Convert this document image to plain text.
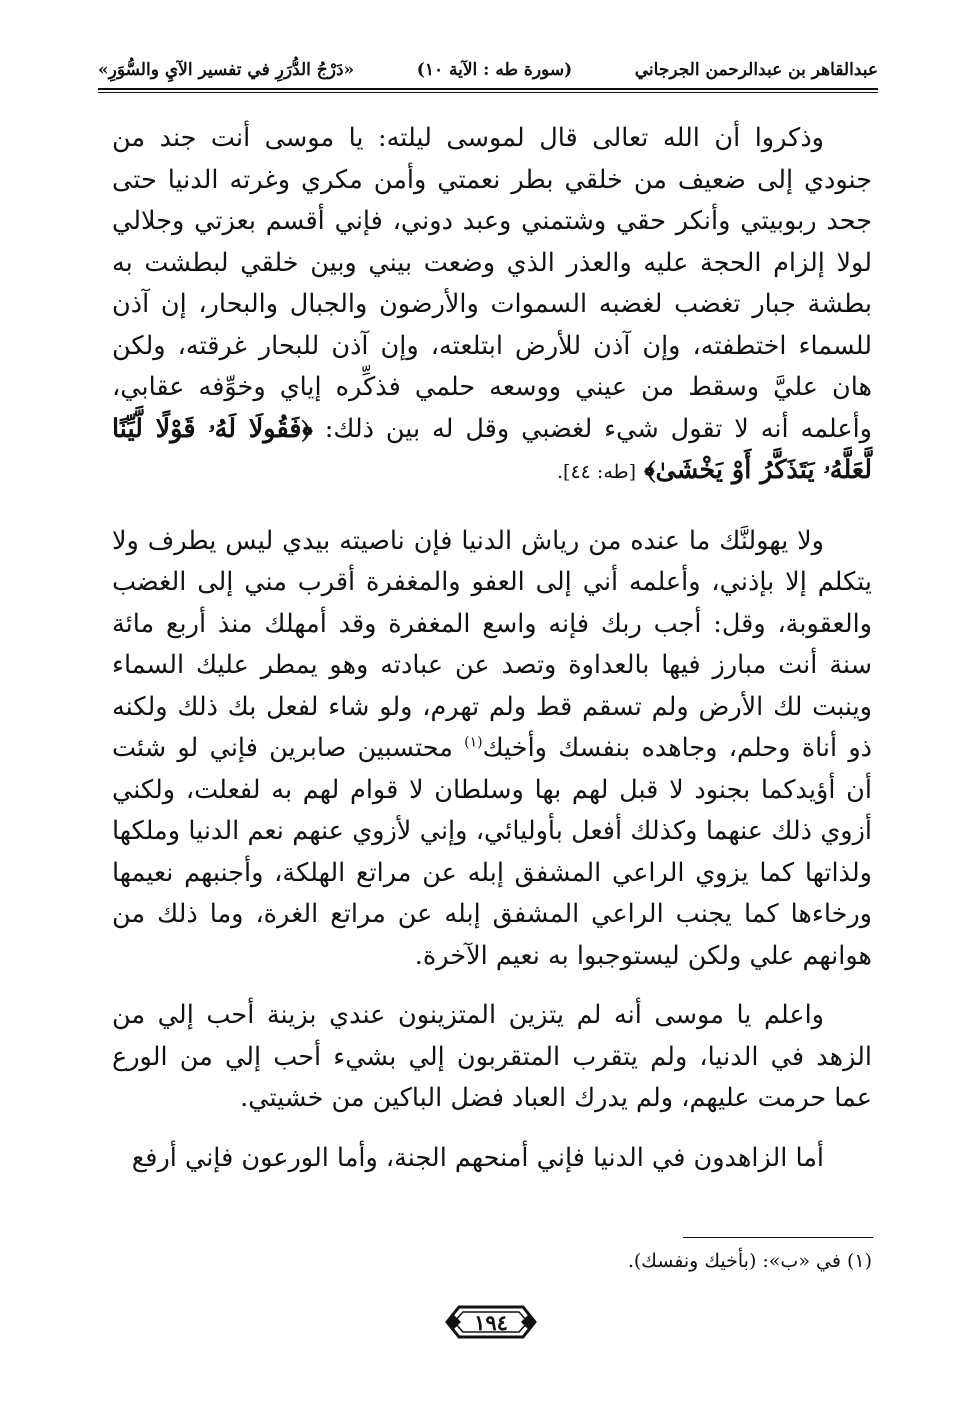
عبدالقاهر بن عبدالرحمن الجرجاني
(سورة طه : الآية ١٠)
«دَرْجُ الدُّرَرِ في تفسير الآيِ والسُّوَرِ»

وذكروا أن الله تعالى قال لموسى ليلته: يا موسى أنت جند من جنودي إلى ضعيف من خلقي بطر نعمتي وأمن مكري وغرته الدنيا حتى جحد ربوبيتي وأنكر حقي وشتمني وعبد دوني، فإني أقسم بعزتي وجلالي لولا إلزام الحجة عليه والعذر الذي وضعت بيني وبين خلقي لبطشت به بطشة جبار تغضب لغضبه السموات والأرضون والجبال والبحار، إن آذن للسماء اختطفته، وإن آذن للأرض ابتلعته، وإن آذن للبحار غرقته، ولكن هان عليَّ وسقط من عيني ووسعه حلمي فذكِّره إياي وخوِّفه عقابي، وأعلمه أنه لا تقول شيء لغضبي وقل له بين ذلك: ﴿فَقُولَا لَهُۥ قَوْلًا لَّيِّنًا لَّعَلَّهُۥ يَتَذَكَّرُ أَوْ يَخْشَىٰ﴾ [طه: ٤٤].

ولا يهولنَّك ما عنده من رياش الدنيا فإن ناصيته بيدي ليس يطرف ولا يتكلم إلا بإذني، وأعلمه أني إلى العفو والمغفرة أقرب مني إلى الغضب والعقوبة، وقل: أجب ربك فإنه واسع المغفرة وقد أمهلك منذ أربع مائة سنة أنت مبارز فيها بالعداوة وتصد عن عبادته وهو يمطر عليك السماء وينبت لك الأرض ولم تسقم قط ولم تهرم، ولو شاء لفعل بك ذلك ولكنه ذو أناة وحلم، وجاهده بنفسك وأخيك$^{(١)}$ محتسبين صابرين فإني لو شئت أن أؤيدكما بجنود لا قبل لهم بها وسلطان لا قوام لهم به لفعلت، ولكني أزوي ذلك عنهما وكذلك أفعل بأوليائي، وإني لأزوي عنهم نعم الدنيا وملكها ولذاتها كما يزوي الراعي المشفق إبله عن مراتع الهلكة، وأجنبهم نعيمها ورخاءها كما يجنب الراعي المشفق إبله عن مراتع الغرة، وما ذلك من هوانهم علي ولكن ليستوجبوا به نعيم الآخرة.

واعلم يا موسى أنه لم يتزين المتزينون عندي بزينة أحب إلي من الزهد في الدنيا، ولم يتقرب المتقربون إلي بشيء أحب إلي من الورع عما حرمت عليهم، ولم يدرك العباد فضل الباكين من خشيتي.

أما الزاهدون في الدنيا فإني أمنحهم الجنة، وأما الورعون فإني أرفع

(١) في «ب»: (بأخيك ونفسك).
١٩٤
